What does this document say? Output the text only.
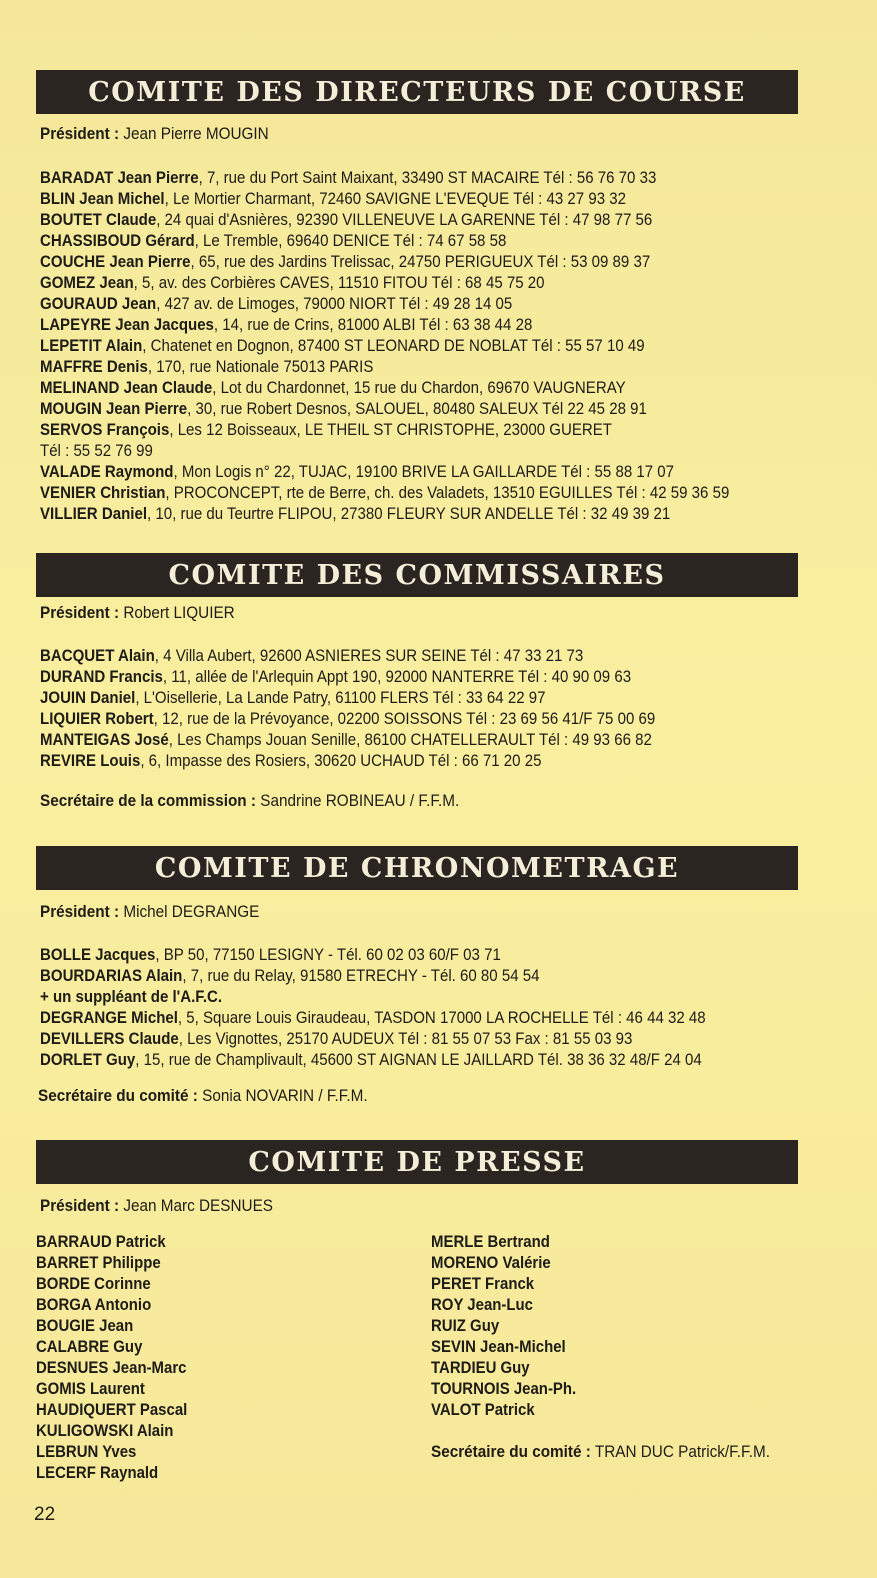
COMITE DES DIRECTEURS DE COURSE
Président : Jean Pierre MOUGIN
BARADAT Jean Pierre, 7, rue du Port Saint Maixant, 33490 ST MACAIRE Tél : 56 76 70 33
BLIN Jean Michel, Le Mortier Charmant, 72460 SAVIGNE L'EVEQUE Tél : 43 27 93 32
BOUTET Claude, 24 quai d'Asnières, 92390 VILLENEUVE LA GARENNE Tél : 47 98 77 56
CHASSIBOUD Gérard, Le Tremble, 69640 DENICE Tél : 74 67 58 58
COUCHE Jean Pierre, 65, rue des Jardins Trelissac, 24750 PERIGUEUX Tél : 53 09 89 37
GOMEZ Jean, 5, av. des Corbières CAVES, 11510 FITOU Tél : 68 45 75 20
GOURAUD Jean, 427 av. de Limoges, 79000 NIORT Tél : 49 28 14 05
LAPEYRE Jean Jacques, 14, rue de Crins, 81000 ALBI Tél : 63 38 44 28
LEPETIT Alain, Chatenet en Dognon, 87400 ST LEONARD DE NOBLAT Tél : 55 57 10 49
MAFFRE Denis, 170, rue Nationale 75013 PARIS
MELINAND Jean Claude, Lot du Chardonnet, 15 rue du Chardon, 69670 VAUGNERAY
MOUGIN Jean Pierre, 30, rue Robert Desnos, SALOUEL, 80480 SALEUX Tél 22 45 28 91
SERVOS François, Les 12 Boisseaux, LE THEIL ST CHRISTOPHE, 23000 GUERET
Tél : 55 52 76 99
VALADE Raymond, Mon Logis n° 22, TUJAC, 19100 BRIVE LA GAILLARDE Tél : 55 88 17 07
VENIER Christian, PROCONCEPT, rte de Berre, ch. des Valadets, 13510 EGUILLES Tél : 42 59 36 59
VILLIER Daniel, 10, rue du Teurtre FLIPOU, 27380 FLEURY SUR ANDELLE Tél : 32 49 39 21
COMITE DES COMMISSAIRES
Président : Robert LIQUIER
BACQUET Alain, 4 Villa Aubert, 92600 ASNIERES SUR SEINE Tél : 47 33 21 73
DURAND Francis, 11, allée de l'Arlequin Appt 190, 92000 NANTERRE Tél : 40 90 09 63
JOUIN Daniel, L'Oisellerie, La Lande Patry, 61100 FLERS Tél : 33 64 22 97
LIQUIER Robert, 12, rue de la Prévoyance, 02200 SOISSONS Tél : 23 69 56 41/F 75 00 69
MANTEIGAS José, Les Champs Jouan Senille, 86100 CHATELLERAULT Tél : 49 93 66 82
REVIRE Louis, 6, Impasse des Rosiers, 30620 UCHAUD Tél : 66 71 20 25
Secrétaire de la commission : Sandrine ROBINEAU / F.F.M.
COMITE DE CHRONOMETRAGE
Président : Michel DEGRANGE
BOLLE Jacques, BP 50, 77150 LESIGNY - Tél. 60 02 03 60/F 03 71
BOURDARIAS Alain, 7, rue du Relay, 91580 ETRECHY - Tél. 60 80 54 54
+ un suppléant de l'A.F.C.
DEGRANGE Michel, 5, Square Louis Giraudeau, TASDON 17000 LA ROCHELLE Tél : 46 44 32 48
DEVILLERS Claude, Les Vignottes, 25170 AUDEUX Tél : 81 55 07 53 Fax : 81 55 03 93
DORLET Guy, 15, rue de Champlivault, 45600 ST AIGNAN LE JAILLARD Tél. 38 36 32 48/F 24 04
Secrétaire du comité : Sonia NOVARIN / F.F.M.
COMITE DE PRESSE
Président : Jean Marc DESNUES
BARRAUD Patrick
BARRET Philippe
BORDE Corinne
BORGA Antonio
BOUGIE Jean
CALABRE Guy
DESNUES Jean-Marc
GOMIS Laurent
HAUDIQUERT Pascal
KULIGOWSKI Alain
LEBRUN Yves
LECERF Raynald
MERLE Bertrand
MORENO Valérie
PERET Franck
ROY Jean-Luc
RUIZ Guy
SEVIN Jean-Michel
TARDIEU Guy
TOURNOIS Jean-Ph.
VALOT Patrick
Secrétaire du comité : TRAN DUC Patrick/F.F.M.
22
